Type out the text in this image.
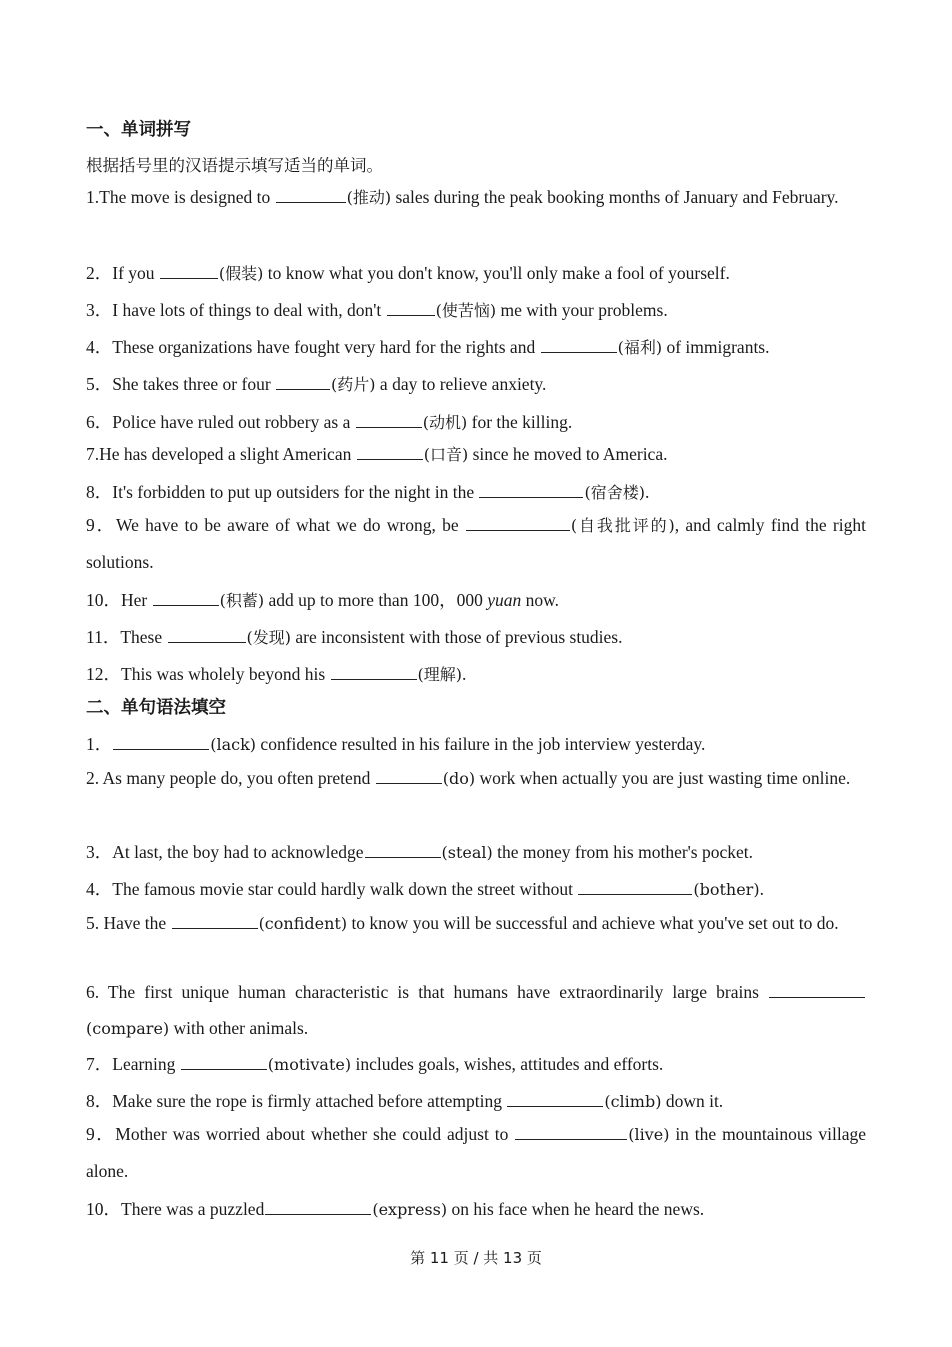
一、单词拼写
根据括号里的汉语提示填写适当的单词。
1.The move is designed to	(推动) sales during the peak booking months of January and February.
2．If you	(假装) to know what you don't know, you'll only make a fool of yourself.
3．I have lots of things to deal with, don't	(使苦恼) me with your problems.
4．These organizations have fought very hard for the rights and	(福利) of immigrants.
5．She takes three or four	(药片) a day to relieve anxiety.
6．Police have ruled out robbery as a	(动机) for the killing.
7.He has developed a slight American	(口音) since he moved to America.
8．It's forbidden to put up outsiders for the night in the	(宿舍楼).
9．We have to be aware of what we do wrong, be	(自我批评的), and calmly find the right solutions.
10．Her	(积蓄) add up to more than 100，000 yuan now.
11．These	(发现) are inconsistent with those of previous studies.
12．This was wholely beyond his	(理解).
二、单句语法填空
1．	(lack) confidence resulted in his failure in the job interview yesterday.
2. As many people do, you often pretend	(do) work when actually you are just wasting time online.
3．At last, the boy had to acknowledge	(steal) the money from his mother's pocket.
4．The famous movie star could hardly walk down the street without	(bother).
5. Have the	(confident) to know you will be successful and achieve what you've set out to do.
6. The first unique human characteristic is that humans have extraordinarily large brains (compare) with other animals.
7．Learning	(motivate) includes goals, wishes, attitudes and efforts.
8．Make sure the rope is firmly attached before attempting	(climb) down it.
9．Mother was worried about whether she could adjust to	(live) in the mountainous village alone.
10．There was a puzzled	(express) on his face when he heard the news.
第 11 页 / 共 13 页
